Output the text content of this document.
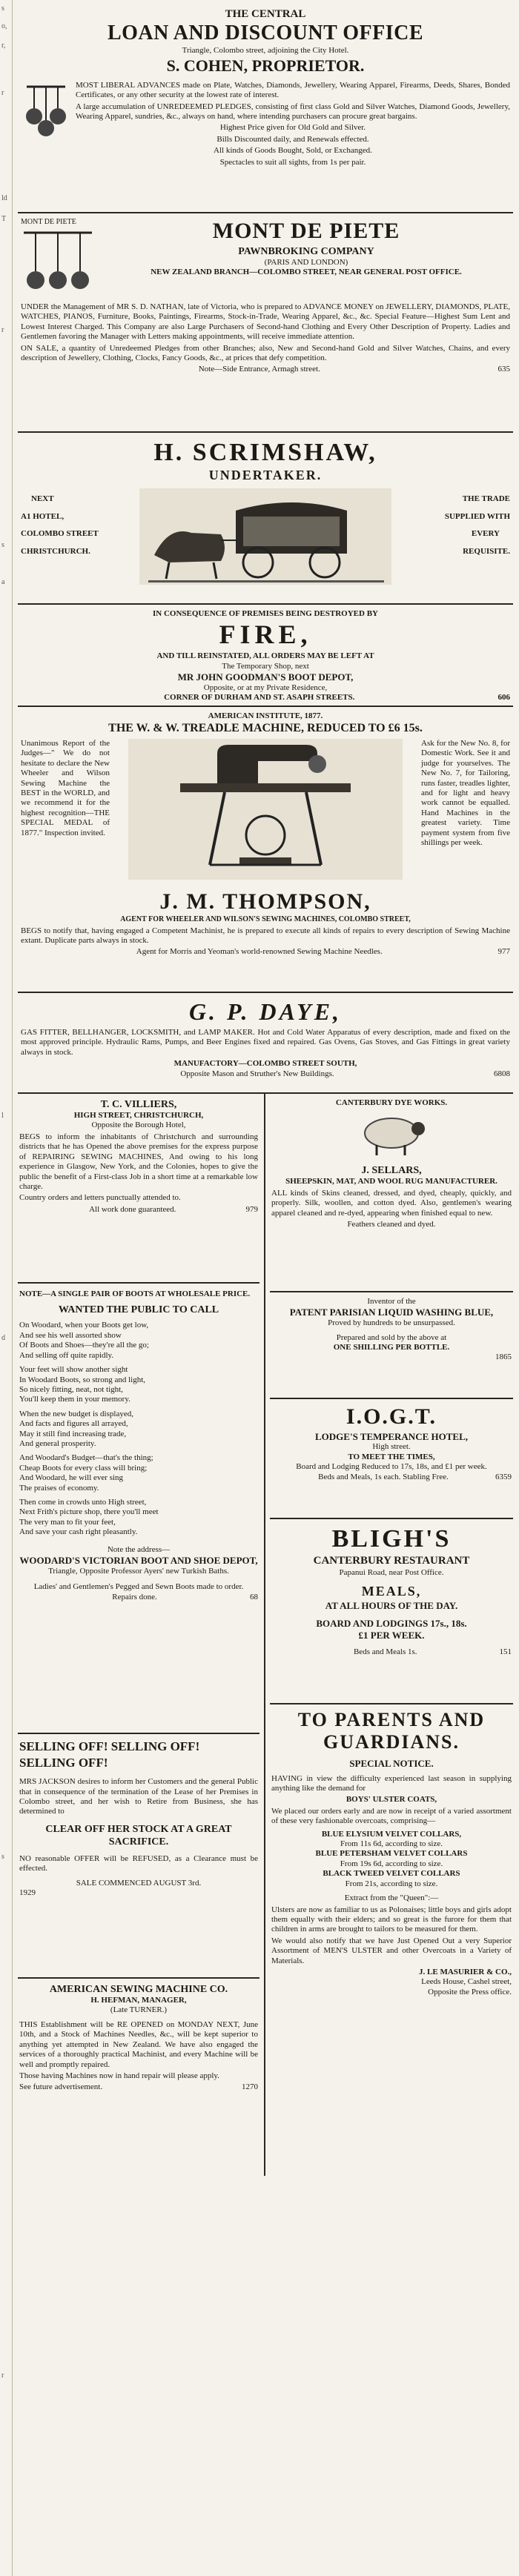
s
o,
r,
r
ld
T
r
s
a
l
d
s
r
THE CENTRAL
LOAN AND DISCOUNT OFFICE
Triangle, Colombo street, adjoining the City Hotel.
S. COHEN, PROPRIETOR.

MOST LIBERAL ADVANCES made on Plate, Watches, Diamonds, Jewellery, Wearing Apparel, Firearms, Deeds, Shares, Bonded Certificates, or any other security at the lowest rate of interest.

A large accumulation of UNREDEEMED PLEDGES, consisting of first class Gold and Silver Watches, Diamond Goods, Jewellery, Wearing Apparel, sundries, &c., always on hand, where intending purchasers can procure great bargains.

Highest Price given for Old Gold and Silver.

Bills Discounted daily, and Renewals effected.

All kinds of Goods Bought, Sold, or Exchanged.

Spectacles to suit all sights, from 1s per pair.

MONT DE PIETE	MONT DE PIETE
PAWNBROKING COMPANY
(PARIS AND LONDON)
NEW ZEALAND BRANCH—COLOMBO STREET, NEAR GENERAL POST OFFICE.

UNDER the Management of MR S. D. NATHAN, late of Victoria, who is prepared to ADVANCE MONEY on JEWELLERY, DIAMONDS, PLATE, WATCHES, PIANOS, Furniture, Books, Paintings, Firearms, Stock-in-Trade, Wearing Apparel, &c., &c. Special Feature—Highest Sum Lent and Lowest Interest Charged. This Company are also Large Purchasers of Second-hand Clothing and Every Other Description of Property. Ladies and Gentlemen favoring the Manager with Letters making appointments, will receive immediate attention.

ON SALE, a quantity of Unredeemed Pledges from other Branches; also, New and Second-hand Gold and Silver Watches, Chains, and every description of Jewellery, Clothing, Clocks, Fancy Goods, &c., at prices that defy competition.

Note—Side Entrance, Armagh street.	635
H. SCRIMSHAW,
UNDERTAKER.
NEXT
A1 HOTEL,
COLOMBO STREET
CHRISTCHURCH.
THE TRADE
SUPPLIED WITH
EVERY
REQUISITE.
IN CONSEQUENCE OF PREMISES BEING DESTROYED BY
FIRE,
AND TILL REINSTATED, ALL ORDERS MAY BE LEFT AT
The Temporary Shop, next
MR JOHN GOODMAN'S BOOT DEPOT,
Opposite, or at my Private Residence,
CORNER OF DURHAM AND ST. ASAPH STREETS.	606
AMERICAN INSTITUTE, 1877.
THE W. & W. TREADLE MACHINE, REDUCED TO £6 15s.
Unanimous Report of the Judges—" We do not hesitate to declare the New Wheeler and Wilson Sewing Machine the BEST in the WORLD, and we recommend it for the highest recognition—THE SPECIAL MEDAL of 1877." Inspection invited.
Ask for the New No. 8, for Domestic Work. See it and judge for yourselves. The New No. 7, for Tailoring, runs faster, treadles lighter, and for light and heavy work cannot be equalled. Hand Machines in the greatest variety. Time payment system from five shillings per week.
J. M. THOMPSON,
AGENT FOR WHEELER AND WILSON'S SEWING MACHINES, COLOMBO STREET,

BEGS to notify that, having engaged a Competent Machinist, he is prepared to execute all kinds of repairs to every description of Sewing Machine extant. Duplicate parts always in stock.

Agent for Morris and Yeoman's world-renowned Sewing Machine Needles.	977
G. P. DAYE,

GAS FITTER, BELLHANGER, LOCKSMITH, and LAMP MAKER. Hot and Cold Water Apparatus of every description, made and fixed on the most approved principle. Hydraulic Rams, Pumps, and Beer Engines fixed and repaired. Gas Ovens, Gas Stoves, and Gas Fittings in great variety always in stock.

MANUFACTORY—COLOMBO STREET SOUTH,
Opposite Mason and Struther's New Buildings.	6808
T. C. VILLIERS,
HIGH STREET, CHRISTCHURCH,
Opposite the Borough Hotel,

BEGS to inform the inhabitants of Christchurch and surrounding districts that he has Opened the above premises for the express purpose of REPAIRING SEWING MACHINES, And owing to his long experience in Glasgow, New York, and the Colonies, hopes to give the public the benefit of a First-class Job in a short time at a remarkable low charge.

Country orders and letters punctually attended to.

All work done guaranteed.	979

NOTE—A SINGLE PAIR OF BOOTS AT WHOLESALE PRICE.

WANTED THE PUBLIC TO CALL
On Woodard, when your Boots get low,
And see his well assorted show
Of Boots and Shoes—they're all the go;
And selling off quite rapidly.
Your feet will show another sight
In Woodard Boots, so strong and light,
So nicely fitting, neat, not tight,
You'll keep them in your memory.
When the new budget is displayed,
And facts and figures all arrayed,
May it still find increasing trade,
And general prosperity.
And Woodard's Budget—that's the thing;
Cheap Boots for every class will bring;
And Woodard, he will ever sing
The praises of economy.
Then come in crowds unto High street,
Next Frith's picture shop, there you'll meet
The very man to fit your feet,
And save your cash right pleasantly.
Note the address—
WOODARD'S VICTORIAN BOOT AND SHOE DEPOT,
Triangle, Opposite Professor Ayers' new Turkish Baths.
Ladies' and Gentlemen's Pegged and Sewn Boots made to order.
Repairs done.	68
SELLING OFF! SELLING OFF! SELLING OFF!

MRS JACKSON desires to inform her Customers and the general Public that in consequence of the termination of the Lease of her Premises in Colombo street, and her wish to Retire from Business, she has determined to

CLEAR OFF HER STOCK AT A GREAT SACRIFICE.

NO reasonable OFFER will be REFUSED, as a Clearance must be effected.

SALE COMMENCED AUGUST 3rd.
1929
AMERICAN SEWING MACHINE CO.
H. HEFMAN, MANAGER,
(Late TURNER.)

THIS Establishment will be RE OPENED on MONDAY NEXT, June 10th, and a Stock of Machines Needles, &c., will be kept superior to anything yet attempted in New Zealand. We have also engaged the services of a thoroughly practical Machinist, and every Machine will be well and promptly repaired.

Those having Machines now in hand repair will please apply.

See future advertisement.	1270
CANTERBURY DYE WORKS.
J. SELLARS,
SHEEPSKIN, MAT, AND WOOL RUG MANUFACTURER.

ALL kinds of Skins cleaned, dressed, and dyed, cheaply, quickly, and properly. Silk, woollen, and cotton dyed. Also, gentlemen's wearing apparel cleaned and re-dyed, appearing when finished equal to new.

Feathers cleaned and dyed.
Inventor of the
PATENT PARISIAN LIQUID WASHING BLUE,
Proved by hundreds to be unsurpassed.
Prepared and sold by the above at
ONE SHILLING PER BOTTLE.
1865
I.O.G.T.
LODGE'S TEMPERANCE HOTEL,
High street.
TO MEET THE TIMES,
Board and Lodging Reduced to 17s, 18s, and £1 per week.
Beds and Meals, 1s each. Stabling Free.	6359
BLIGH'S
CANTERBURY RESTAURANT
Papanui Road, near Post Office.
MEALS,
AT ALL HOURS OF THE DAY.
BOARD AND LODGINGS 17s., 18s.
£1 PER WEEK.
Beds and Meals 1s.	151
TO PARENTS AND GUARDIANS.
SPECIAL NOTICE.

HAVING in view the difficulty experienced last season in supplying anything like the demand for

BOYS' ULSTER COATS,

We placed our orders early and are now in receipt of a varied assortment of these very fashionable overcoats, comprising—

BLUE ELYSIUM VELVET COLLARS,
From 11s 6d, according to size.
BLUE PETERSHAM VELVET COLLARS
From 19s 6d, according to size.
BLACK TWEED VELVET COLLARS
From 21s, according to size.
Extract from the "Queen":—

Ulsters are now as familiar to us as Polonaises; little boys and girls adopt them equally with their elders; and so great is the furore for them that children in arms are brought to tailors to be measured for them.

We would also notify that we have Just Opened Out a very Superior Assortment of MEN'S ULSTER and other Overcoats in a Variety of Materials.

J. LE MASURIER & CO.,
Leeds House, Cashel street,
Opposite the Press office.
